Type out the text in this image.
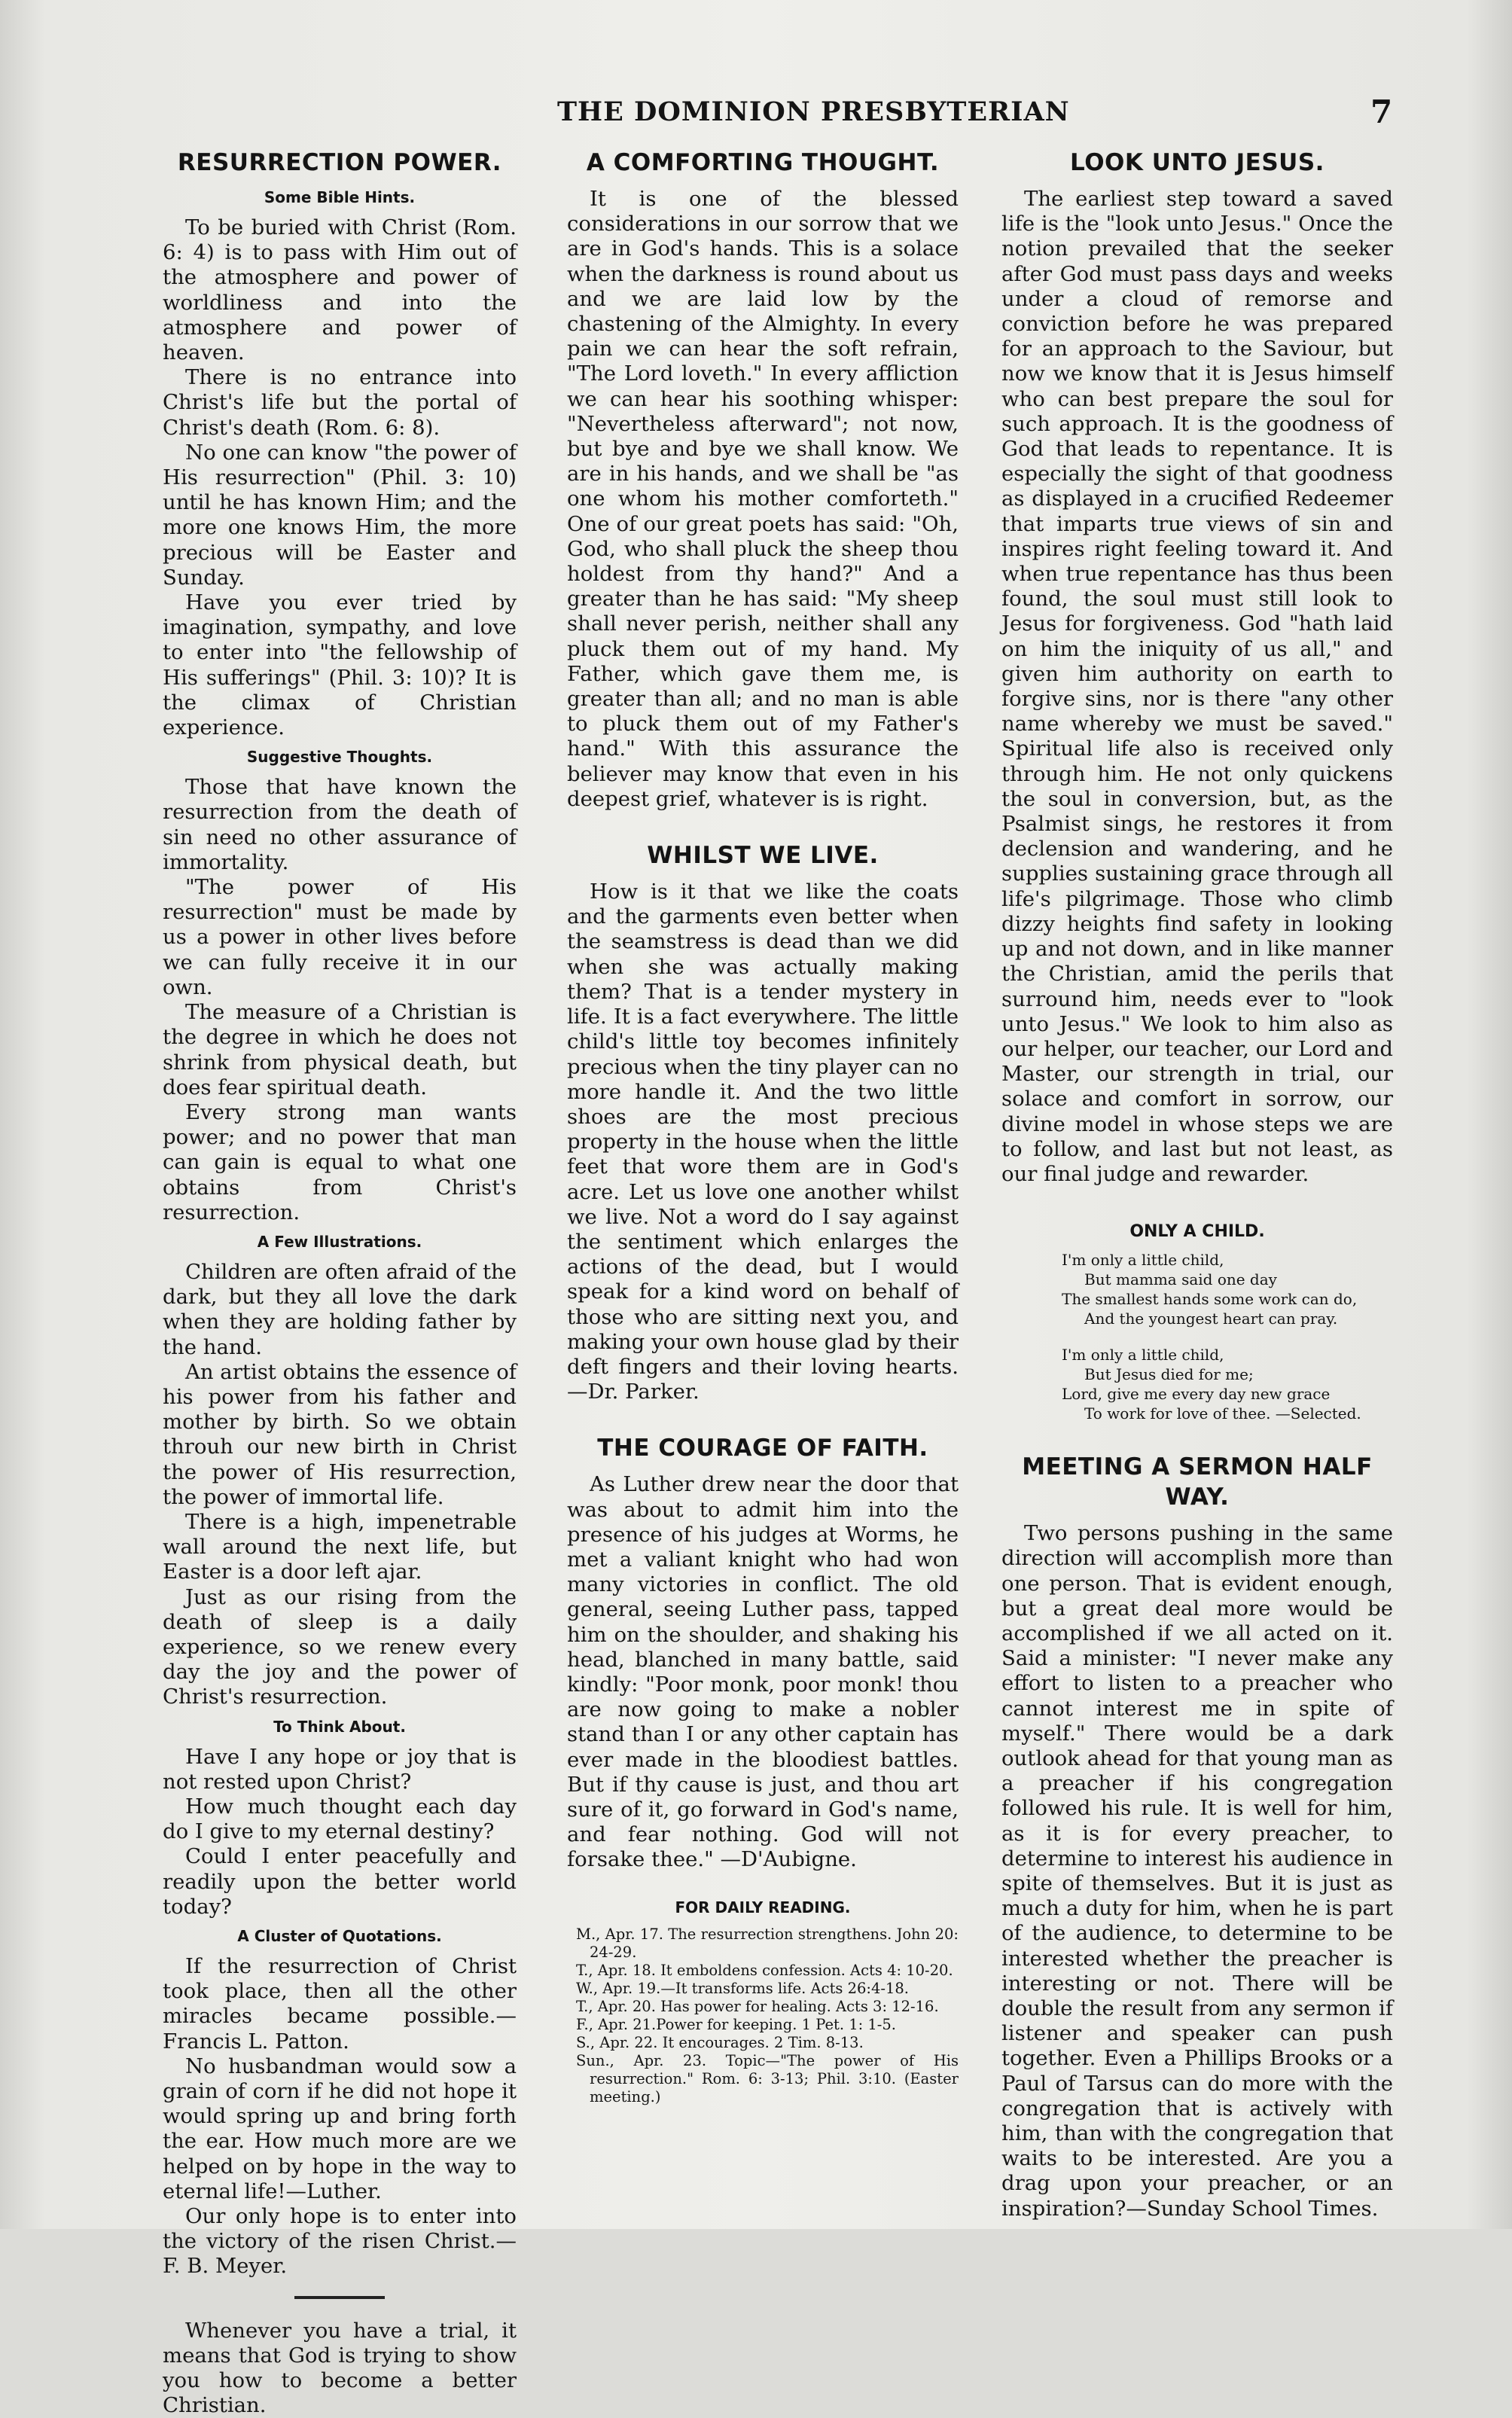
THE DOMINION PRESBYTERIAN	7
RESURRECTION POWER.
Some Bible Hints.

To be buried with Christ (Rom. 6: 4) is to pass with Him out of the atmosphere and power of worldliness and into the atmosphere and power of heaven.

There is no entrance into Christ's life but the portal of Christ's death (Rom. 6: 8).

No one can know "the power of His resurrection" (Phil. 3: 10) until he has known Him; and the more one knows Him, the more precious will be Easter and Sunday.

Have you ever tried by imagination, sympathy, and love to enter into "the fellowship of His sufferings" (Phil. 3: 10)? It is the climax of Christian experience.

Suggestive Thoughts.

Those that have known the resurrection from the death of sin need no other assurance of immortality.

"The power of His resurrection" must be made by us a power in other lives before we can fully receive it in our own.

The measure of a Christian is the degree in which he does not shrink from physical death, but does fear spiritual death.

Every strong man wants power; and no power that man can gain is equal to what one obtains from Christ's resurrection.

A Few Illustrations.

Children are often afraid of the dark, but they all love the dark when they are holding father by the hand.

An artist obtains the essence of his power from his father and mother by birth. So we obtain throuh our new birth in Christ the power of His resurrection, the power of immortal life.

There is a high, impenetrable wall around the next life, but Easter is a door left ajar.

Just as our rising from the death of sleep is a daily experience, so we renew every day the joy and the power of Christ's resurrection.

To Think About.

Have I any hope or joy that is not rested upon Christ?

How much thought each day do I give to my eternal destiny?

Could I enter peacefully and readily upon the better world today?

A Cluster of Quotations.

If the resurrection of Christ took place, then all the other miracles became possible.—Francis L. Patton.

No husbandman would sow a grain of corn if he did not hope it would spring up and bring forth the ear. How much more are we helped on by hope in the way to eternal life!—Luther.

Our only hope is to enter into the victory of the risen Christ.—F. B. Meyer.

Whenever you have a trial, it means that God is trying to show you how to become a better Christian.

A COMFORTING THOUGHT.

It is one of the blessed considerations in our sorrow that we are in God's hands. This is a solace when the darkness is round about us and we are laid low by the chastening of the Almighty. In every pain we can hear the soft refrain, "The Lord loveth." In every affliction we can hear his soothing whisper: "Nevertheless afterward"; not now, but bye and bye we shall know. We are in his hands, and we shall be "as one whom his mother comforteth." One of our great poets has said: "Oh, God, who shall pluck the sheep thou holdest from thy hand?" And a greater than he has said: "My sheep shall never perish, neither shall any pluck them out of my hand. My Father, which gave them me, is greater than all; and no man is able to pluck them out of my Father's hand." With this assurance the believer may know that even in his deepest grief, whatever is is right.

WHILST WE LIVE.

How is it that we like the coats and the garments even better when the seamstress is dead than we did when she was actually making them? That is a tender mystery in life. It is a fact everywhere. The little child's little toy becomes infinitely precious when the tiny player can no more handle it. And the two little shoes are the most precious property in the house when the little feet that wore them are in God's acre. Let us love one another whilst we live. Not a word do I say against the sentiment which enlarges the actions of the dead, but I would speak for a kind word on behalf of those who are sitting next you, and making your own house glad by their deft fingers and their loving hearts.—Dr. Parker.

THE COURAGE OF FAITH.

As Luther drew near the door that was about to admit him into the presence of his judges at Worms, he met a valiant knight who had won many victories in conflict. The old general, seeing Luther pass, tapped him on the shoulder, and shaking his head, blanched in many battle, said kindly: "Poor monk, poor monk! thou are now going to make a nobler stand than I or any other captain has ever made in the bloodiest battles. But if thy cause is just, and thou art sure of it, go forward in God's name, and fear nothing. God will not forsake thee." —D'Aubigne.

FOR DAILY READING.
M., Apr. 17. The resurrection strengthens. John 20: 24-29.
T., Apr. 18. It emboldens confession. Acts 4: 10-20.
W., Apr. 19.—It transforms life. Acts 26:4-18.
T., Apr. 20. Has power for healing. Acts 3: 12-16.
F., Apr. 21.Power for keeping. 1 Pet. 1: 1-5.
S., Apr. 22. It encourages. 2 Tim. 8-13.
Sun., Apr. 23. Topic—"The power of His resurrection." Rom. 6: 3-13; Phil. 3:10. (Easter meeting.)
LOOK UNTO JESUS.

The earliest step toward a saved life is the "look unto Jesus." Once the notion prevailed that the seeker after God must pass days and weeks under a cloud of remorse and conviction before he was prepared for an approach to the Saviour, but now we know that it is Jesus himself who can best prepare the soul for such approach. It is the goodness of God that leads to repentance. It is especially the sight of that goodness as displayed in a crucified Redeemer that imparts true views of sin and inspires right feeling toward it. And when true repentance has thus been found, the soul must still look to Jesus for forgiveness. God "hath laid on him the iniquity of us all," and given him authority on earth to forgive sins, nor is there "any other name whereby we must be saved." Spiritual life also is received only through him. He not only quickens the soul in conversion, but, as the Psalmist sings, he restores it from declension and wandering, and he supplies sustaining grace through all life's pilgrimage. Those who climb dizzy heights find safety in looking up and not down, and in like manner the Christian, amid the perils that surround him, needs ever to "look unto Jesus." We look to him also as our helper, our teacher, our Lord and Master, our strength in trial, our solace and comfort in sorrow, our divine model in whose steps we are to follow, and last but not least, as our final judge and rewarder.

ONLY A CHILD.
I'm only a little child,
But mamma said one day
The smallest hands some work can do,
And the youngest heart can pray.
I'm only a little child,
But Jesus died for me;
Lord, give me every day new grace
To work for love of thee. —Selected.
MEETING A SERMON HALF WAY.

Two persons pushing in the same direction will accomplish more than one person. That is evident enough, but a great deal more would be accomplished if we all acted on it. Said a minister: "I never make any effort to listen to a preacher who cannot interest me in spite of myself." There would be a dark outlook ahead for that young man as a preacher if his congregation followed his rule. It is well for him, as it is for every preacher, to determine to interest his audience in spite of themselves. But it is just as much a duty for him, when he is part of the audience, to determine to be interested whether the preacher is interesting or not. There will be double the result from any sermon if listener and speaker can push together. Even a Phillips Brooks or a Paul of Tarsus can do more with the congregation that is actively with him, than with the congregation that waits to be interested. Are you a drag upon your preacher, or an inspiration?—Sunday School Times.
